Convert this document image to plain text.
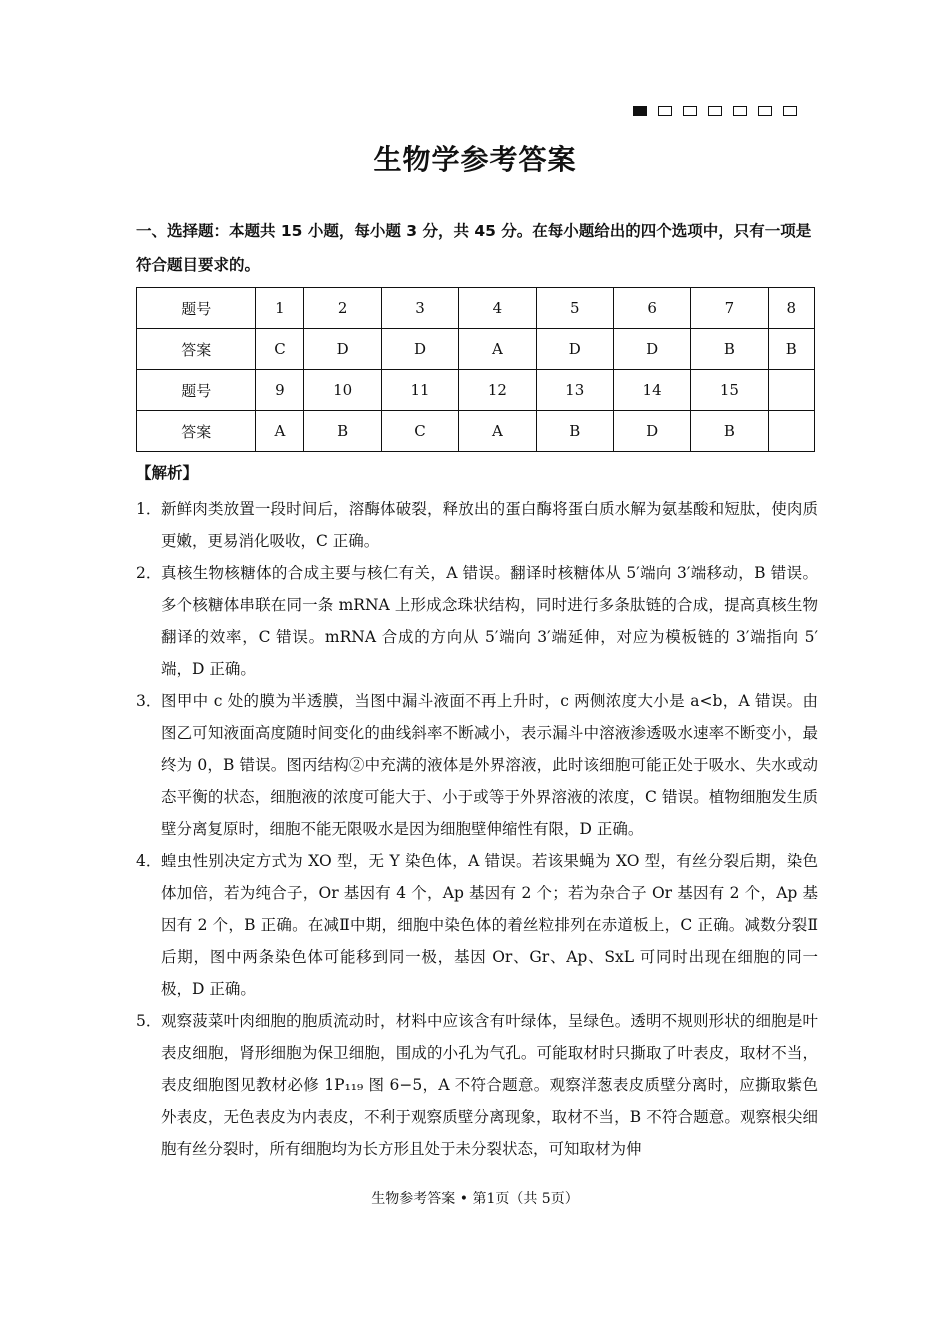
生物学参考答案
一、选择题：本题共 15 小题，每小题 3 分，共 45 分。在每小题给出的四个选项中，只有一项是符合题目要求的。
题号	1	2	3	4	5	6	7	8
答案	C	D	D	A	D	D	B	B
题号	9	10	11	12	13	14	15	
答案	A	B	C	A	B	D	B	
【解析】
1． 新鲜肉类放置一段时间后，溶酶体破裂，释放出的蛋白酶将蛋白质水解为氨基酸和短肽，使肉质更嫩，更易消化吸收，C 正确。
2． 真核生物核糖体的合成主要与核仁有关，A 错误。翻译时核糖体从 5′端向 3′端移动，B 错误。多个核糖体串联在同一条 mRNA 上形成念珠状结构，同时进行多条肽链的合成，提高真核生物翻译的效率，C 错误。mRNA 合成的方向从 5′端向 3′端延伸，对应为模板链的 3′端指向 5′端，D 正确。
3． 图甲中 c 处的膜为半透膜，当图中漏斗液面不再上升时，c 两侧浓度大小是 a<b，A 错误。由图乙可知液面高度随时间变化的曲线斜率不断减小，表示漏斗中溶液渗透吸水速率不断变小，最终为 0，B 错误。图丙结构②中充满的液体是外界溶液，此时该细胞可能正处于吸水、失水或动态平衡的状态，细胞液的浓度可能大于、小于或等于外界溶液的浓度，C 错误。植物细胞发生质壁分离复原时，细胞不能无限吸水是因为细胞壁伸缩性有限，D 正确。
4． 蝗虫性别决定方式为 XO 型，无 Y 染色体，A 错误。若该果蝇为 XO 型，有丝分裂后期，染色体加倍，若为纯合子，Or 基因有 4 个，Ap 基因有 2 个；若为杂合子 Or 基因有 2 个，Ap 基因有 2 个，B 正确。在减Ⅱ中期，细胞中染色体的着丝粒排列在赤道板上，C 正确。减数分裂Ⅱ后期，图中两条染色体可能移到同一极，基因 Or、Gr、Ap、SxL 可同时出现在细胞的同一极，D 正确。
5． 观察菠菜叶肉细胞的胞质流动时，材料中应该含有叶绿体，呈绿色。透明不规则形状的细胞是叶表皮细胞，肾形细胞为保卫细胞，围成的小孔为气孔。可能取材时只撕取了叶表皮，取材不当，表皮细胞图见教材必修 1P₁₁₉ 图 6−5，A 不符合题意。观察洋葱表皮质壁分离时，应撕取紫色外表皮，无色表皮为内表皮，不利于观察质壁分离现象，取材不当，B 不符合题意。观察根尖细胞有丝分裂时，所有细胞均为长方形且处于未分裂状态，可知取材为伸
生物参考答案 • 第1页（共 5页）
